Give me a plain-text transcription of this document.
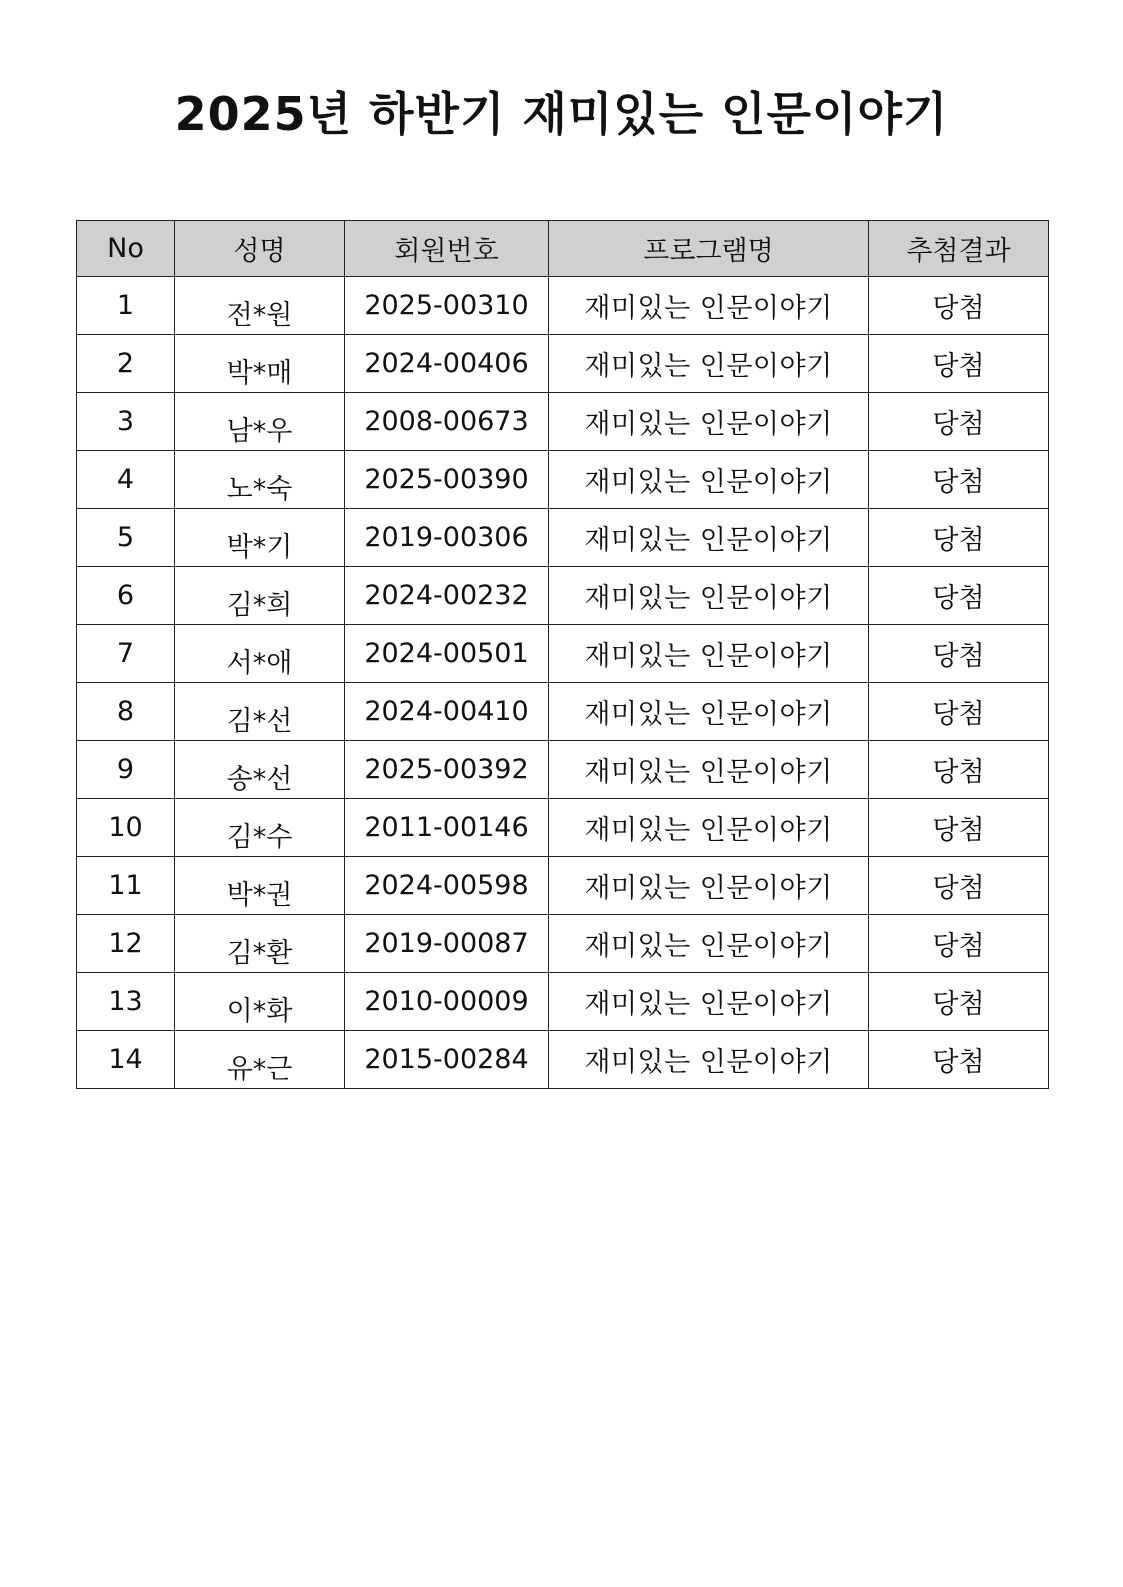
2025년 하반기 재미있는 인문이야기
No	성명	회원번호	프로그램명	추첨결과
1	전*원	2025-00310	재미있는 인문이야기	당첨
2	박*매	2024-00406	재미있는 인문이야기	당첨
3	남*우	2008-00673	재미있는 인문이야기	당첨
4	노*숙	2025-00390	재미있는 인문이야기	당첨
5	박*기	2019-00306	재미있는 인문이야기	당첨
6	김*희	2024-00232	재미있는 인문이야기	당첨
7	서*애	2024-00501	재미있는 인문이야기	당첨
8	김*선	2024-00410	재미있는 인문이야기	당첨
9	송*선	2025-00392	재미있는 인문이야기	당첨
10	김*수	2011-00146	재미있는 인문이야기	당첨
11	박*권	2024-00598	재미있는 인문이야기	당첨
12	김*환	2019-00087	재미있는 인문이야기	당첨
13	이*화	2010-00009	재미있는 인문이야기	당첨
14	유*근	2015-00284	재미있는 인문이야기	당첨
